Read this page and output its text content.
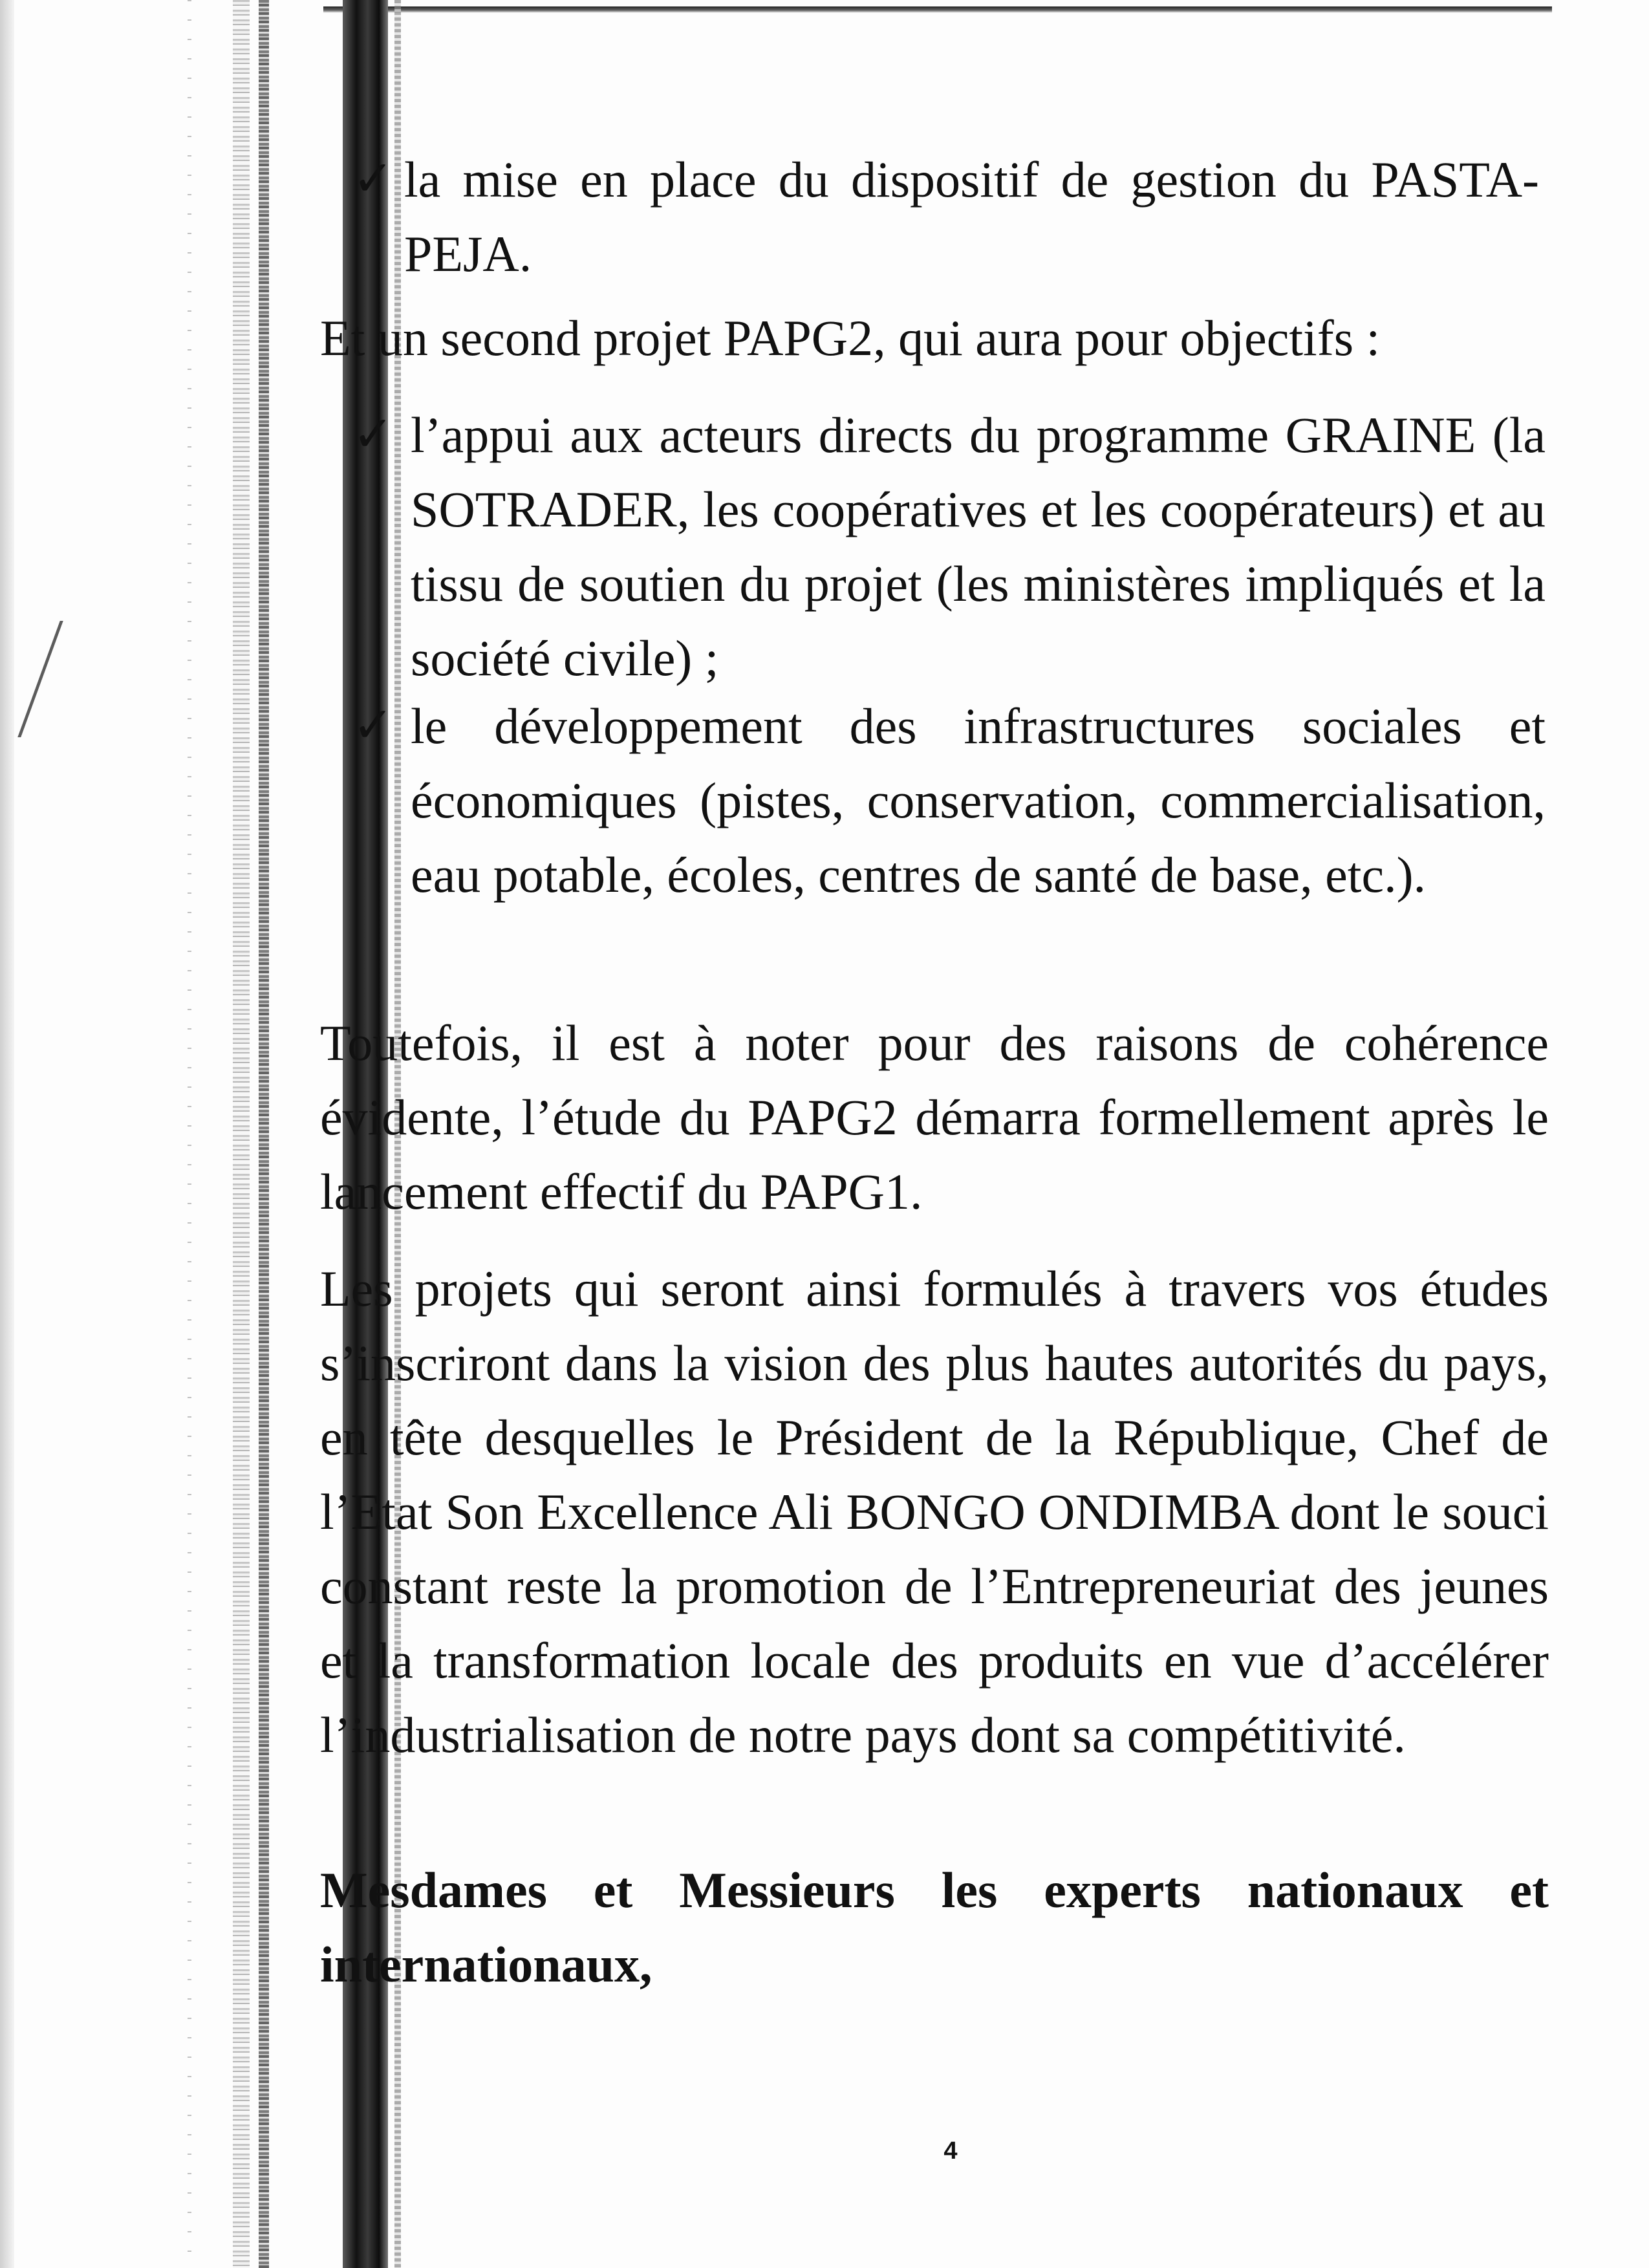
✓ la mise en place du dispositif de gestion du PASTA-PEJA.
Et un second projet PAPG2, qui aura pour objectifs :
✓ l’appui aux acteurs directs du programme GRAINE (la SOTRADER, les coopératives et les coopérateurs) et au tissu de soutien du projet (les ministères impliqués et la société civile) ;
✓ le développement des infrastructures sociales et économiques (pistes, conservation, commercialisation, eau potable, écoles, centres de santé de base, etc.).
Toutefois, il est à noter pour des raisons de cohérence évidente, l’étude du PAPG2 démarra formellement après le lancement effectif du PAPG1.
Les projets qui seront ainsi formulés à travers vos études s’inscriront dans la vision des plus hautes autorités du pays, en tête desquelles le Président de la République, Chef de l’Etat Son Excellence Ali BONGO ONDIMBA dont le souci constant reste la promotion de l’Entrepreneuriat des jeunes et la transformation locale des produits en vue d’accélérer l’industrialisation de notre pays dont sa compétitivité.
Mesdames et Messieurs les experts nationaux et internationaux,
4
